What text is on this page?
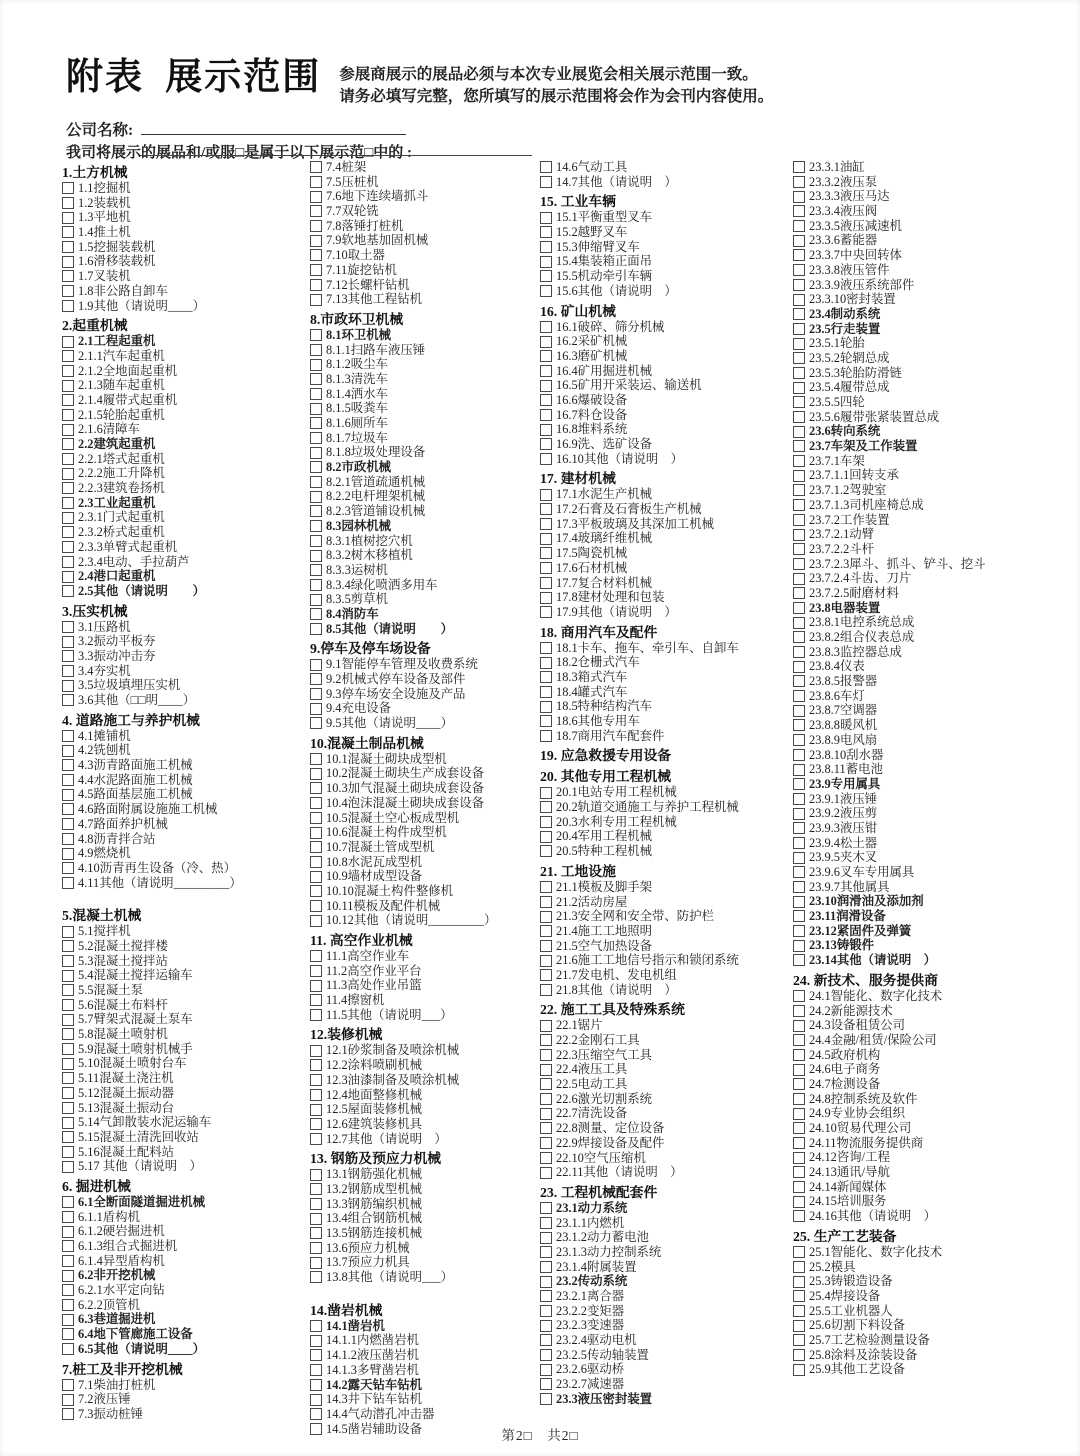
附表 展示范围 参展商展示的展品必须与本次专业展览会相关展示范围一致。
请务必填写完整，您所填写的展示范围将会作为会刊内容使用。
公司名称:
我司将展示的展品和/或服□是属于以下展示范□中的 :
1.土方机械
1.1挖掘机
1.2装载机
1.3平地机
1.4推土机
1.5挖掘装载机
1.6滑移装载机
1.7叉装机
1.8非公路自卸车
1.9其他（请说明____）
2.起重机械
2.1工程起重机
2.1.1汽车起重机
2.1.2全地面起重机
2.1.3随车起重机
2.1.4履带式起重机
2.1.5轮胎起重机
2.1.6清障车
2.2建筑起重机
2.2.1塔式起重机
2.2.2施工升降机
2.2.3建筑卷扬机
2.3工业起重机
2.3.1门式起重机
2.3.2桥式起重机
2.3.3单臂式起重机
2.3.4电动、手拉葫芦
2.4港口起重机
2.5其他（请说明　　）
3.压实机械
3.1压路机
3.2振动平板夯
3.3振动冲击夯
3.4夯实机
3.5垃圾填埋压实机
3.6其他（□□明____）
4. 道路施工与养护机械
4.1摊铺机
4.2铣刨机
4.3沥青路面施工机械
4.4水泥路面施工机械
4.5路面基层施工机械
4.6路面附属设施施工机械
4.7路面养护机械
4.8沥青拌合站
4.9燃烧机
4.10沥青再生设备（冷、热）
4.11其他（请说明_________）
5.混凝土机械
5.1搅拌机
5.2混凝土搅拌楼
5.3混凝土搅拌站
5.4混凝土搅拌运输车
5.5混凝土泵
5.6混凝土布料杆
5.7臂架式混凝土泵车
5.8混凝土喷射机
5.9混凝土喷射机械手
5.10混凝土喷射台车
5.11混凝土浇注机
5.12混凝土振动器
5.13混凝土振动台
5.14气卸散装水泥运输车
5.15混凝土清洗回收站
5.16混凝土配料站
5.17 其他（请说明　）
6. 掘进机械
6.1全断面隧道掘进机械
6.1.1盾构机
6.1.2硬岩掘进机
6.1.3组合式掘进机
6.1.4异型盾构机
6.2非开挖机械
6.2.1水平定向钻
6.2.2顶管机
6.3巷道掘进机
6.4地下管廊施工设备
6.5其他（请说明____）
7.桩工及非开挖机械
7.1柴油打桩机
7.2液压锤
7.3振动桩锤
7.4桩架
7.5压桩机
7.6地下连续墙抓斗
7.7双轮铣
7.8落锤打桩机
7.9软地基加固机械
7.10取土器
7.11旋挖钻机
7.12长螺杆钻机
7.13其他工程钻机
8.市政环卫机械
8.1环卫机械
8.1.1扫路车液压锤
8.1.2吸尘车
8.1.3清洗车
8.1.4洒水车
8.1.5吸粪车
8.1.6厕所车
8.1.7垃圾车
8.1.8垃圾处理设备
8.2市政机械
8.2.1管道疏通机械
8.2.2电杆埋架机械
8.2.3管道铺设机械
8.3园林机械
8.3.1植树挖穴机
8.3.2树木移植机
8.3.3运树机
8.3.4绿化喷洒多用车
8.3.5剪草机
8.4消防车
8.5其他（请说明　　）
9.停车及停车场设备
9.1智能停车管理及收费系统
9.2机械式停车设备及部件
9.3停车场安全设施及产品
9.4充电设备
9.5其他（请说明____）
10.混凝土制品机械
10.1混凝土砌块成型机
10.2混凝土砌块生产成套设备
10.3加气混凝土砌块成套设备
10.4泡沫混凝土砌块成套设备
10.5混凝土空心板成型机
10.6混凝土构件成型机
10.7混凝土管成型机
10.8水泥瓦成型机
10.9墙材成型设备
10.10混凝土构件整修机
10.11模板及配件机械
10.12其他（请说明_________）
11. 高空作业机械
11.1高空作业车
11.2高空作业平台
11.3高处作业吊篮
11.4擦窗机
11.5其他（请说明___）
12.装修机械
12.1砂浆制备及喷涂机械
12.2涂料喷刷机械
12.3油漆制备及喷涂机械
12.4地面整修机械
12.5屋面装修机械
12.6建筑装修机具
12.7其他（请说明　）
13. 钢筋及预应力机械
13.1钢筋强化机械
13.2钢筋成型机械
13.3钢筋编织机械
13.4组合钢筋机械
13.5钢筋连接机械
13.6预应力机械
13.7预应力机具
13.8其他（请说明___）
14.凿岩机械
14.1凿岩机
14.1.1内燃凿岩机
14.1.2液压凿岩机
14.1.3多臂凿岩机
14.2露天钻车钻机
14.3井下钻车钻机
14.4气动潜孔冲击器
14.5凿岩辅助设备
14.6气动工具
14.7其他（请说明　）
15. 工业车辆
15.1平衡重型叉车
15.2越野叉车
15.3伸缩臂叉车
15.4集装箱正面吊
15.5机动牵引车辆
15.6其他（请说明　）
16. 矿山机械
16.1破碎、筛分机械
16.2采矿机械
16.3磨矿机械
16.4矿用掘进机械
16.5矿用开采装运、输送机
16.6爆破设备
16.7料仓设备
16.8堆料系统
16.9洗、选矿设备
16.10其他（请说明　）
17. 建材机械
17.1水泥生产机械
17.2石膏及石膏板生产机械
17.3平板玻璃及其深加工机械
17.4玻璃纤维机械
17.5陶瓷机械
17.6石材机械
17.7复合材料机械
17.8建材处理和包装
17.9其他（请说明　）
18. 商用汽车及配件
18.1卡车、拖车、牵引车、自卸车
18.2仓栅式汽车
18.3箱式汽车
18.4罐式汽车
18.5特种结构汽车
18.6其他专用车
18.7商用汽车配套件
19. 应急救援专用设备
20. 其他专用工程机械
20.1电站专用工程机械
20.2轨道交通施工与养护工程机械
20.3水利专用工程机械
20.4军用工程机械
20.5特种工程机械
21. 工地设施
21.1模板及脚手架
21.2活动房屋
21.3安全网和安全带、防护栏
21.4施工工地照明
21.5空气加热设备
21.6施工工地信号指示和锁闭系统
21.7发电机、发电机组
21.8其他（请说明　）
22. 施工工具及特殊系统
22.1锯片
22.2金刚石工具
22.3压缩空气工具
22.4液压工具
22.5电动工具
22.6激光切割系统
22.7清洗设备
22.8测量、定位设备
22.9焊接设备及配件
22.10空气压缩机
22.11其他（请说明　）
23. 工程机械配套件
23.1动力系统
23.1.1内燃机
23.1.2动力蓄电池
23.1.3动力控制系统
23.1.4附属装置
23.2传动系统
23.2.1离合器
23.2.2变矩器
23.2.3变速器
23.2.4驱动电机
23.2.5传动轴装置
23.2.6驱动桥
23.2.7减速器
23.3液压密封装置
23.3.1油缸
23.3.2液压泵
23.3.3液压马达
23.3.4液压阀
23.3.5液压减速机
23.3.6蓄能器
23.3.7中央回转体
23.3.8液压管件
23.3.9液压系统部件
23.3.10密封装置
23.4制动系统
23.5行走装置
23.5.1轮胎
23.5.2轮辋总成
23.5.3轮胎防滑链
23.5.4履带总成
23.5.5四轮
23.5.6履带张紧装置总成
23.6转向系统
23.7车架及工作装置
23.7.1车架
23.7.1.1回转支承
23.7.1.2驾驶室
23.7.1.3司机座椅总成
23.7.2工作装置
23.7.2.1动臂
23.7.2.2斗杆
23.7.2.3犀斗、抓斗、铲斗、挖斗
23.7.2.4斗齿、刀片
23.7.2.5耐磨材料
23.8电器装置
23.8.1电控系统总成
23.8.2组合仪表总成
23.8.3监控器总成
23.8.4仪表
23.8.5报警器
23.8.6车灯
23.8.7空调器
23.8.8暖风机
23.8.9电风扇
23.8.10刮水器
23.8.11蓄电池
23.9专用属具
23.9.1液压锤
23.9.2液压剪
23.9.3液压钳
23.9.4松土器
23.9.5夹木叉
23.9.6叉车专用属具
23.9.7其他属具
23.10润滑油及添加剂
23.11润滑设备
23.12紧固件及弹簧
23.13铸锻件
23.14其他（请说明　）
24. 新技术、服务提供商
24.1智能化、数字化技术
24.2新能源技术
24.3设备租赁公司
24.4金融/租赁/保险公司
24.5政府机构
24.6电子商务
24.7检测设备
24.8控制系统及软件
24.9专业协会组织
24.10贸易代理公司
24.11物流服务提供商
24.12咨询/工程
24.13通讯/导航
24.14新闻媒体
24.15培训服务
24.16其他（请说明　）
25. 生产工艺装备
25.1智能化、数字化技术
25.2模具
25.3铸锻造设备
25.4焊接设备
25.5工业机器人
25.6切割下料设备
25.7工艺检验测量设备
25.8涂料及涂装设备
25.9其他工艺设备
第2□　共2□
